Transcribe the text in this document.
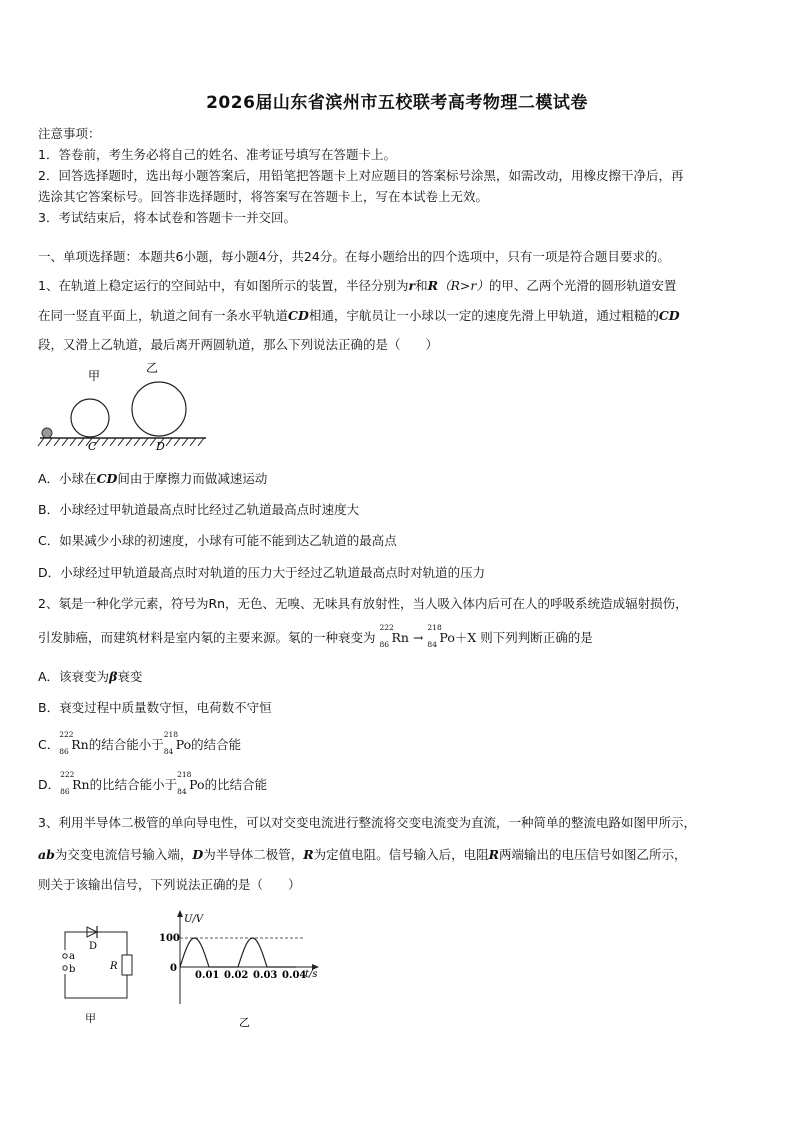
2026届山东省滨州市五校联考高考物理二模试卷
注意事项：
1．答卷前，考生务必将自己的姓名、准考证号填写在答题卡上。
2．回答选择题时，选出每小题答案后，用铅笔把答题卡上对应题目的答案标号涂黑，如需改动，用橡皮擦干净后，再
选涂其它答案标号。回答非选择题时，将答案写在答题卡上，写在本试卷上无效。
3．考试结束后，将本试卷和答题卡一并交回。
一、单项选择题：本题共6小题，每小题4分，共24分。在每小题给出的四个选项中，只有一项是符合题目要求的。
1、在轨道上稳定运行的空间站中，有如图所示的装置，半径分别为r和R（R>r）的甲、乙两个光滑的圆形轨道安置
在同一竖直平面上，轨道之间有一条水平轨道CD相通，宇航员让一小球以一定的速度先滑上甲轨道，通过粗糙的CD
段，又滑上乙轨道，最后离开两圆轨道，那么下列说法正确的是（　　）
甲
乙
C	D
A．小球在CD间由于摩擦力而做减速运动
B．小球经过甲轨道最高点时比经过乙轨道最高点时速度大
C．如果减少小球的初速度，小球有可能不能到达乙轨道的最高点
D．小球经过甲轨道最高点时对轨道的压力大于经过乙轨道最高点时对轨道的压力
2、氡是一种化学元素，符号为Rn，无色、无嗅、无味具有放射性，当人吸入体内后可在人的呼吸系统造成辐射损伤，
引发肺癌，而建筑材料是室内氡的主要来源。氡的一种衰变为
222
86 Rn →
218
84 Po＋X 则下列判断正确的是
A．该衰变为β衰变
B．衰变过程中质量数守恒，电荷数不守恒
C．
222
86 Rn的结合能小于
218
84 Po的结合能
D．
222
86 Rn的比结合能小于
218
84 Po的比结合能
3、利用半导体二极管的单向导电性，可以对交变电流进行整流将交变电流变为直流，一种简单的整流电路如图甲所示，
ab为交变电流信号输入端，D为半导体二极管，R为定值电阻。信号输入后，电阻R两端输出的电压信号如图乙所示，
则关于该输出信号，下列说法正确的是（　　）
D
R
a
b
甲
U/V
t/s
100
0
0.01 0.02 0.03 0.04
乙
